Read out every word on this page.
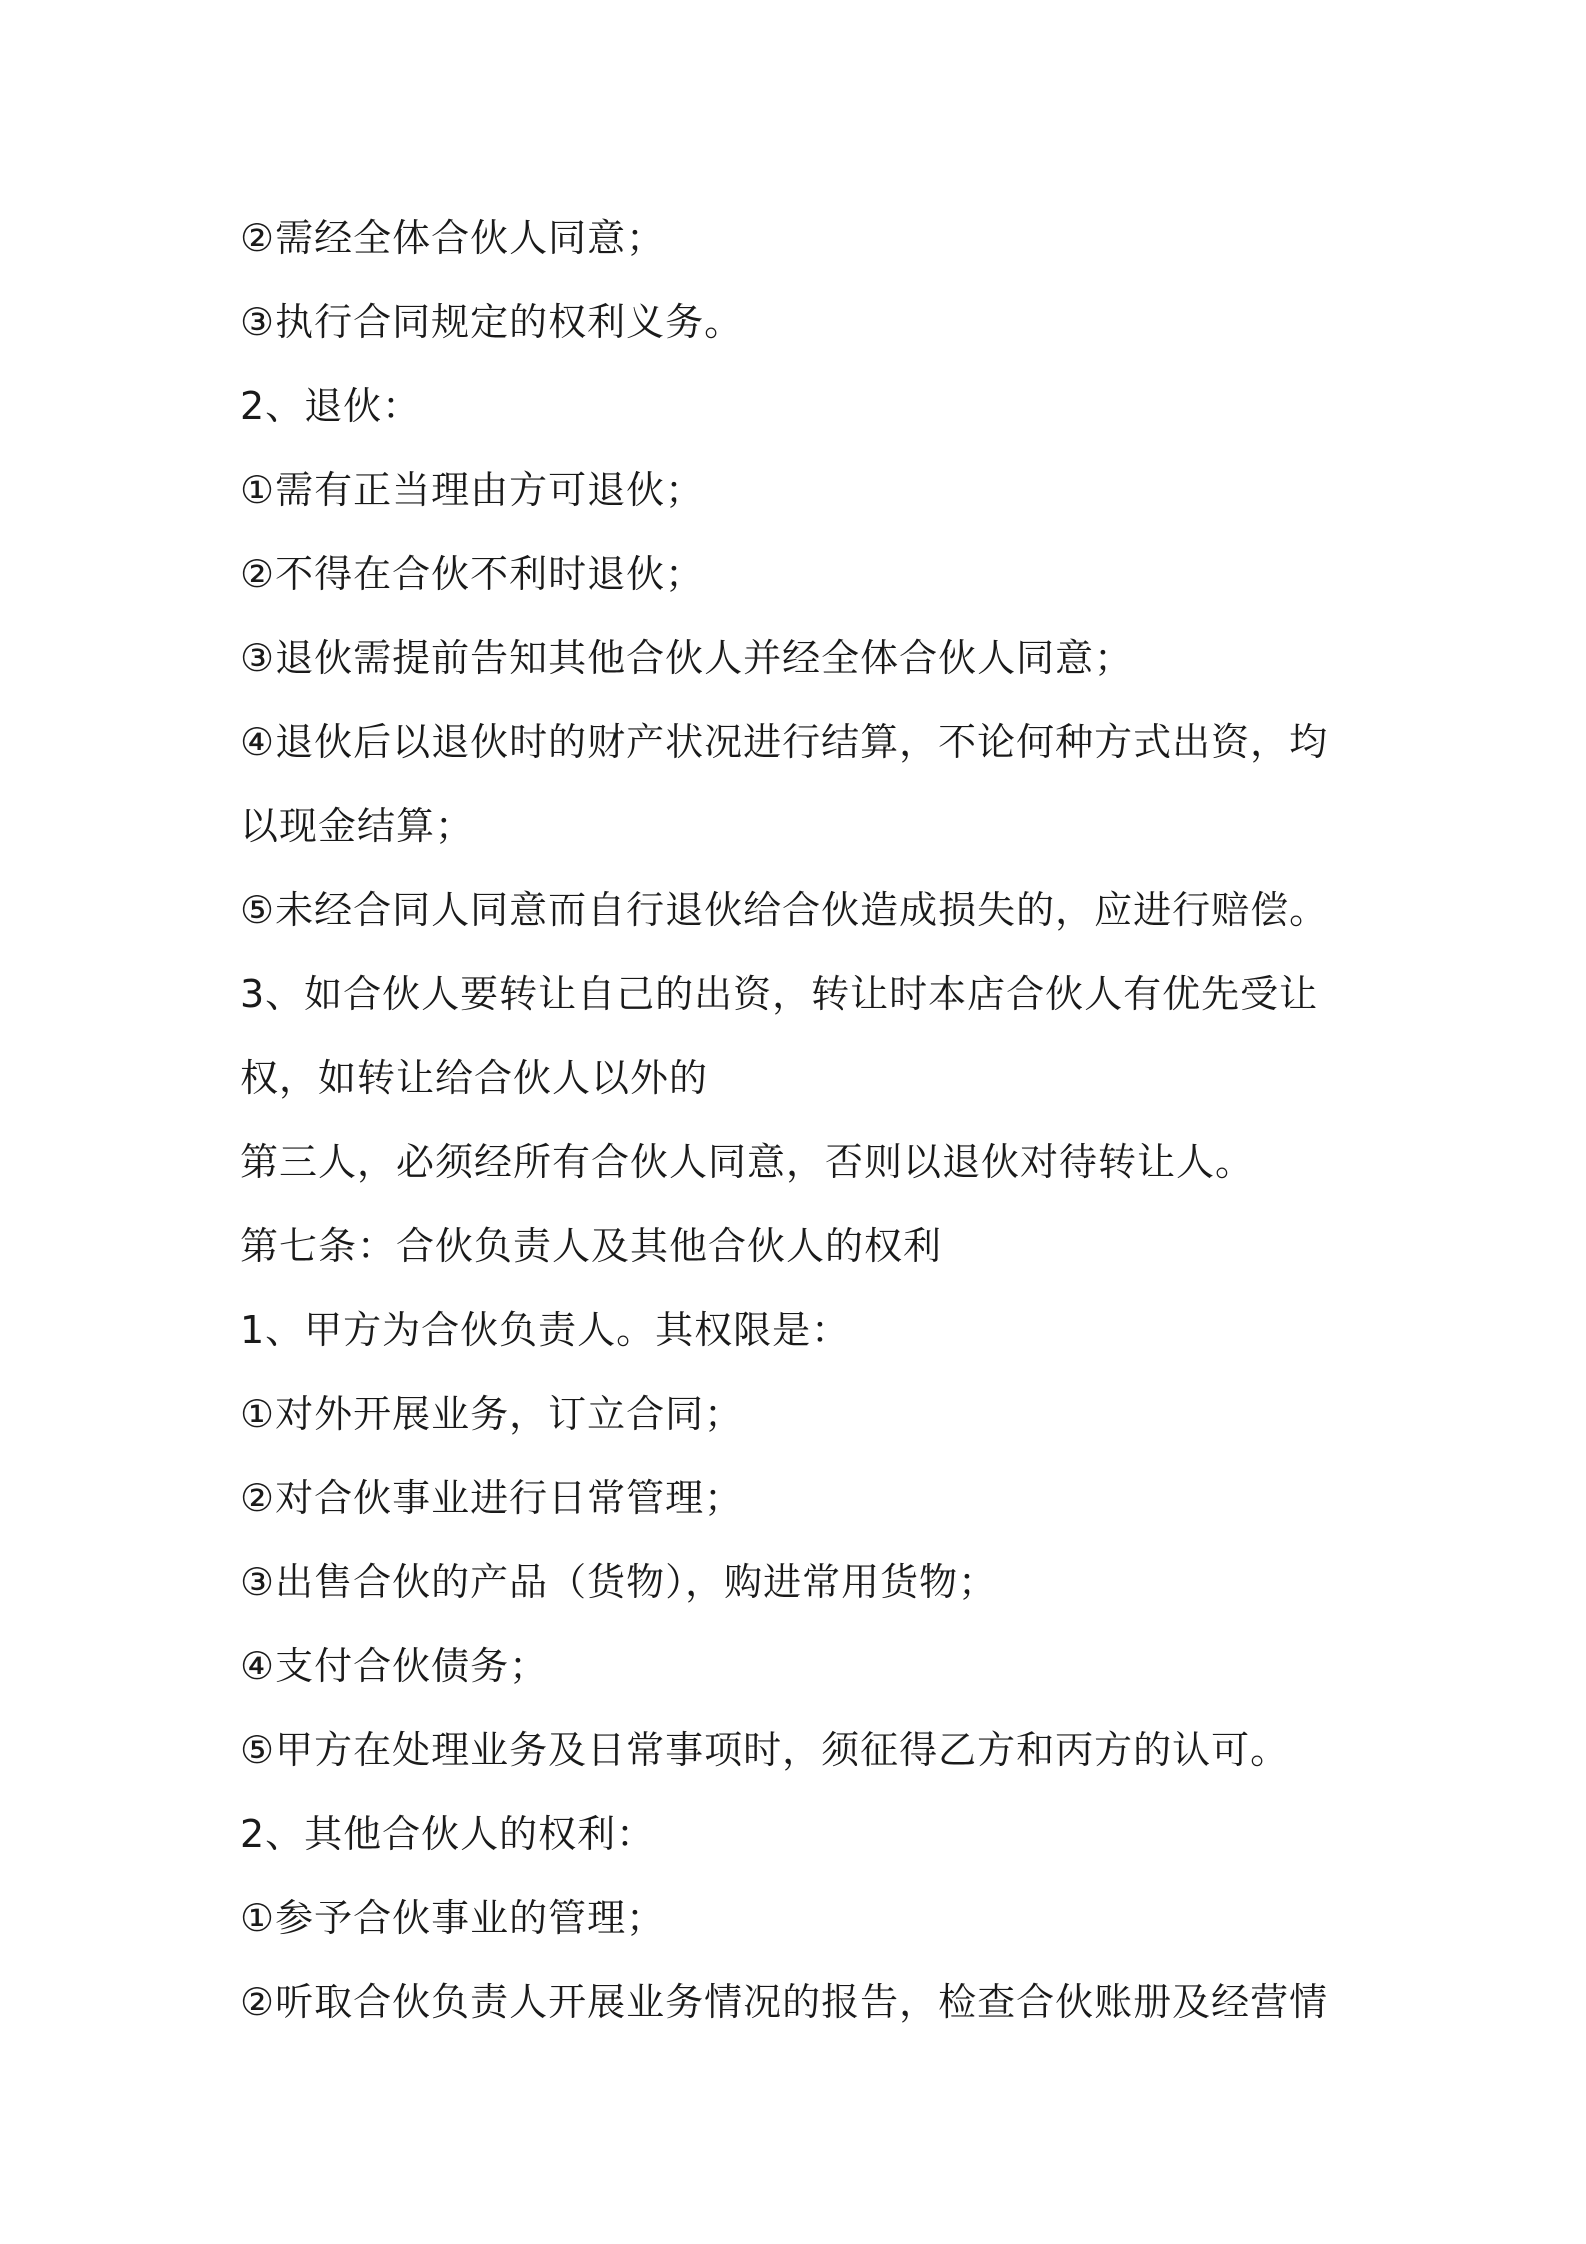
②需经全体合伙人同意；
③执行合同规定的权利义务。
2、退伙：
①需有正当理由方可退伙；
②不得在合伙不利时退伙；
③退伙需提前告知其他合伙人并经全体合伙人同意；
④退伙后以退伙时的财产状况进行结算，不论何种方式出资，均
以现金结算；
⑤未经合同人同意而自行退伙给合伙造成损失的，应进行赔偿。
3、如合伙人要转让自己的出资，转让时本店合伙人有优先受让
权，如转让给合伙人以外的
第三人，必须经所有合伙人同意，否则以退伙对待转让人。
第七条：合伙负责人及其他合伙人的权利
1、甲方为合伙负责人。其权限是：
①对外开展业务，订立合同；
②对合伙事业进行日常管理；
③出售合伙的产品（货物），购进常用货物；
④支付合伙债务；
⑤甲方在处理业务及日常事项时，须征得乙方和丙方的认可。
2、其他合伙人的权利：
①参予合伙事业的管理；
②听取合伙负责人开展业务情况的报告，检查合伙账册及经营情
